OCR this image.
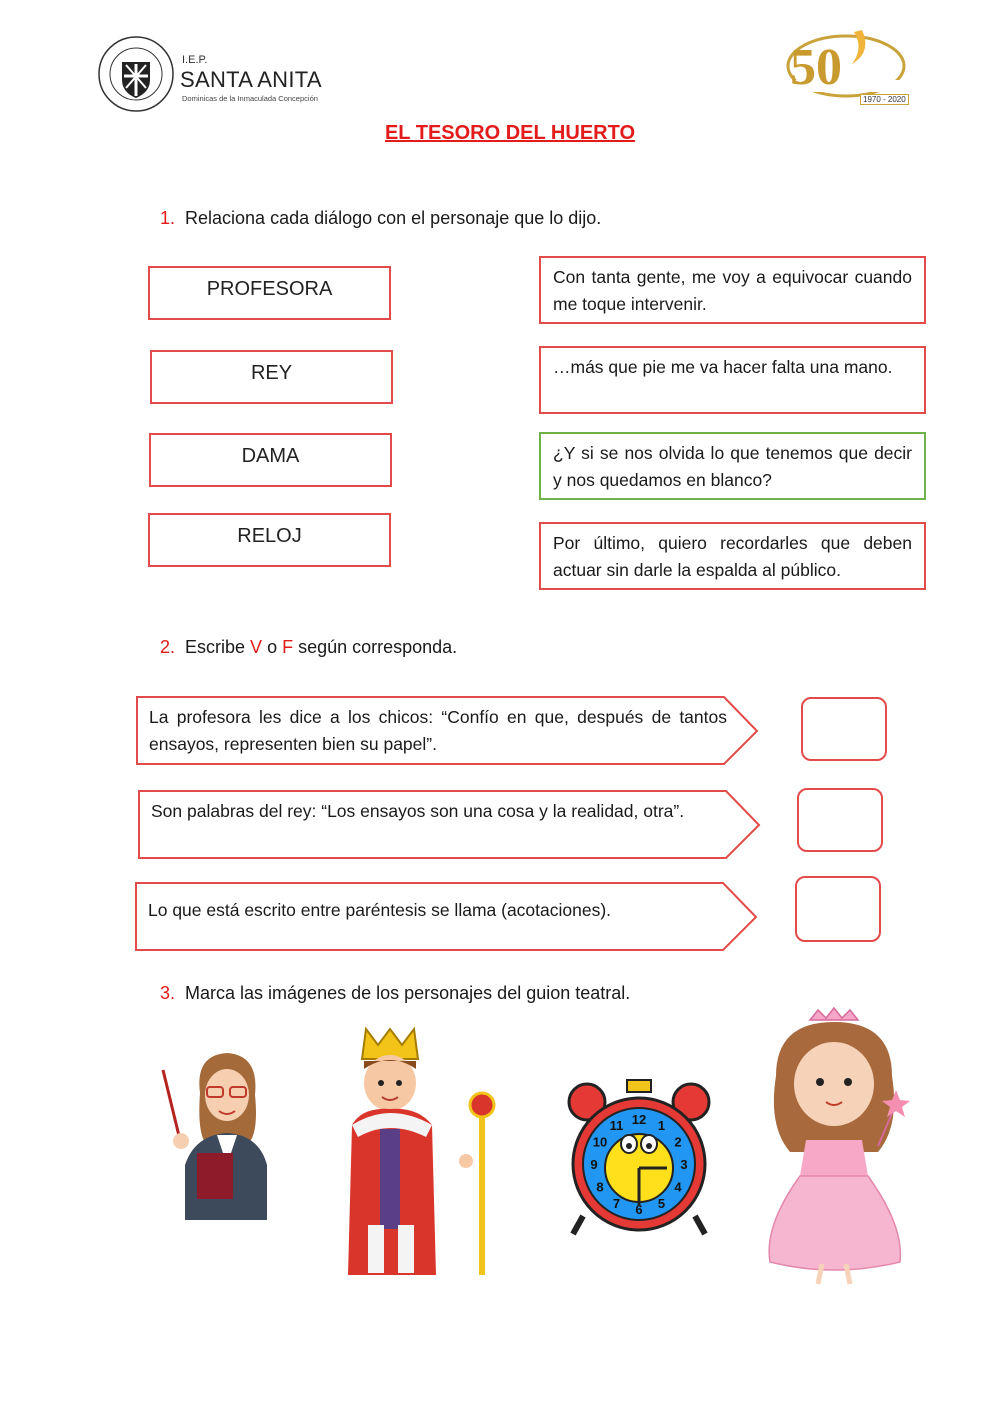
I.E.P.
SANTA ANITA
Dominicas de la Inmaculada Concepción
50
1970 - 2020
EL TESORO DEL HUERTO
1. Relaciona cada diálogo con el personaje que lo dijo.
PROFESORA
REY
DAMA
RELOJ
Con tanta gente, me voy a equivocar cuando me toque intervenir.
…más que pie me va hacer falta una mano.
¿Y si se nos olvida lo que tenemos que decir y nos quedamos en blanco?
Por último, quiero recordarles que deben actuar sin darle la espalda al público.
2. Escribe V o F según corresponda.
La profesora les dice a los chicos: “Confío en que, después de tantos ensayos, representen bien su papel”.
Son palabras del rey: “Los ensayos son una cosa y la realidad, otra”.
Lo que está escrito entre paréntesis se llama (acotaciones).
3. Marca las imágenes de los personajes del guion teatral.
12 1
2
3
4
5
6
7
8
9
10
11
